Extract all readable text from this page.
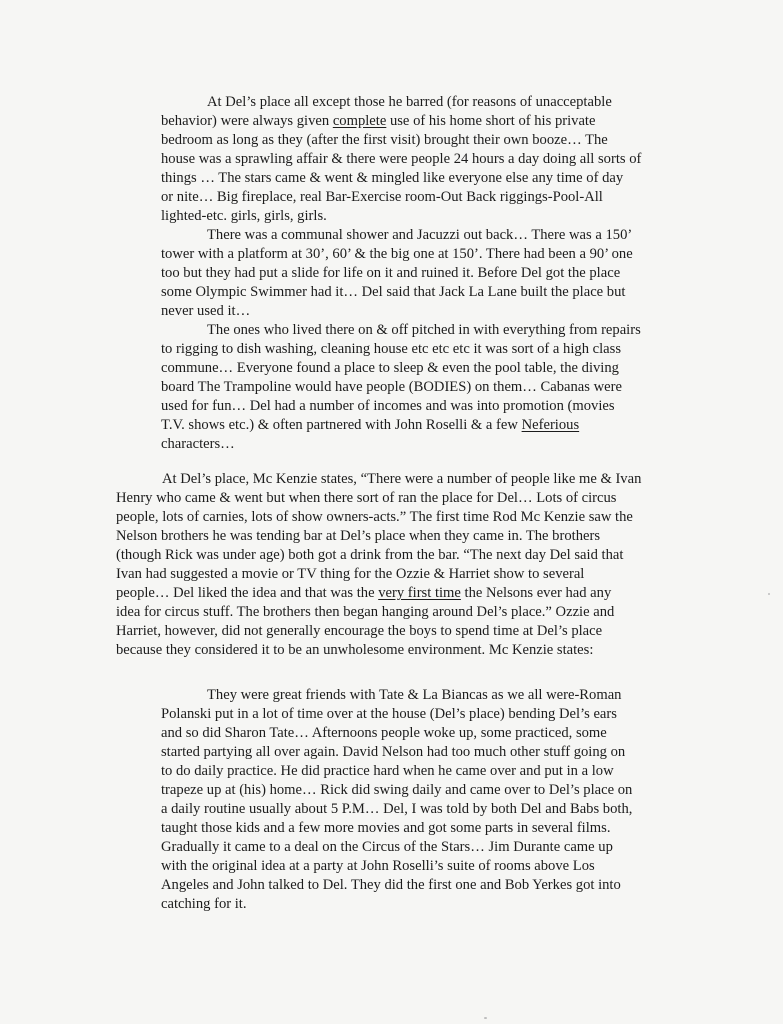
At Del’s place all except those he barred (for reasons of unacceptable
behavior) were always given complete use of his home short of his private
bedroom as long as they (after the first visit) brought their own booze… The
house was a sprawling affair & there were people 24 hours a day doing all sorts of
things … The stars came & went & mingled like everyone else any time of day
or nite… Big fireplace, real Bar-Exercise room-Out Back riggings-Pool-All
lighted-etc. girls, girls, girls.
There was a communal shower and Jacuzzi out back… There was a 150’
tower with a platform at 30’, 60’ & the big one at 150’. There had been a 90’ one
too but they had put a slide for life on it and ruined it. Before Del got the place
some Olympic Swimmer had it… Del said that Jack La Lane built the place but
never used it…
The ones who lived there on & off pitched in with everything from repairs
to rigging to dish washing, cleaning house etc etc etc it was sort of a high class
commune… Everyone found a place to sleep & even the pool table, the diving
board The Trampoline would have people (BODIES) on them… Cabanas were
used for fun… Del had a number of incomes and was into promotion (movies
T.V. shows etc.) & often partnered with John Roselli & a few Neferious
characters…
At Del’s place, Mc Kenzie states, “There were a number of people like me & Ivan
Henry who came & went but when there sort of ran the place for Del… Lots of circus
people, lots of carnies, lots of show owners-acts.” The first time Rod Mc Kenzie saw the
Nelson brothers he was tending bar at Del’s place when they came in. The brothers
(though Rick was under age) both got a drink from the bar. “The next day Del said that
Ivan had suggested a movie or TV thing for the Ozzie & Harriet show to several
people… Del liked the idea and that was the very first time the Nelsons ever had any
idea for circus stuff. The brothers then began hanging around Del’s place.” Ozzie and
Harriet, however, did not generally encourage the boys to spend time at Del’s place
because they considered it to be an unwholesome environment. Mc Kenzie states:
They were great friends with Tate & La Biancas as we all were-Roman
Polanski put in a lot of time over at the house (Del’s place) bending Del’s ears
and so did Sharon Tate… Afternoons people woke up, some practiced, some
started partying all over again. David Nelson had too much other stuff going on
to do daily practice. He did practice hard when he came over and put in a low
trapeze up at (his) home… Rick did swing daily and came over to Del’s place on
a daily routine usually about 5 P.M… Del, I was told by both Del and Babs both,
taught those kids and a few more movies and got some parts in several films.
Gradually it came to a deal on the Circus of the Stars… Jim Durante came up
with the original idea at a party at John Roselli’s suite of rooms above Los
Angeles and John talked to Del. They did the first one and Bob Yerkes got into
catching for it.
